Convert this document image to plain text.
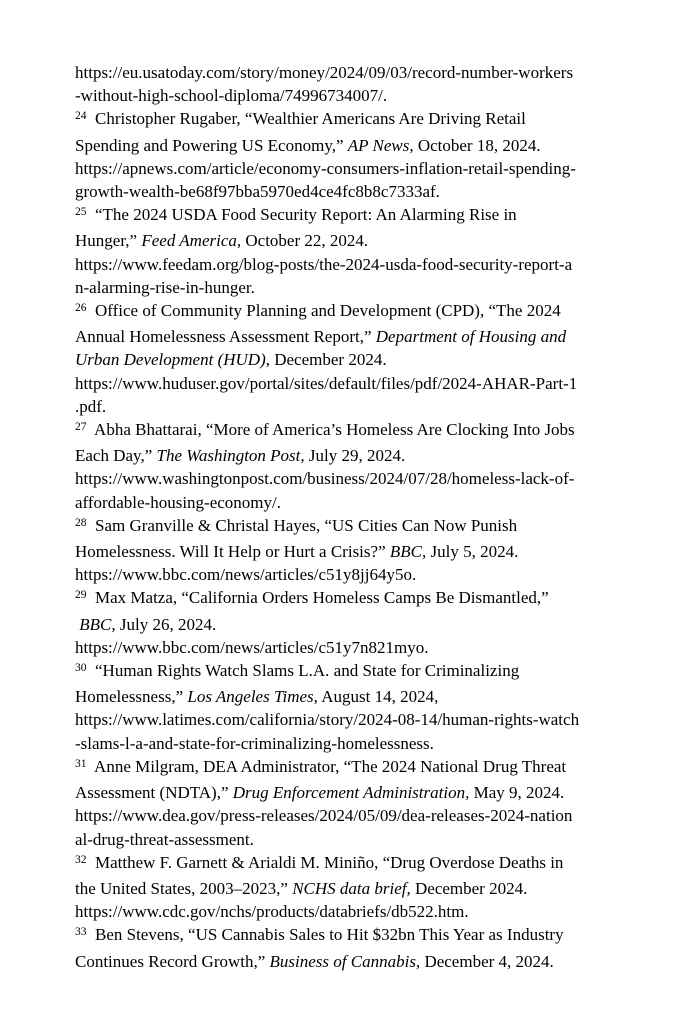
https://eu.usatoday.com/story/money/2024/09/03/record-number-workers
-without-high-school-diploma/74996734007/.
$^{24}$  Christopher Rugaber, “Wealthier Americans Are Driving Retail
Spending and Powering US Economy,” AP News, October 18, 2024.
https://apnews.com/article/economy-consumers-inflation-retail-spending-
growth-wealth-be68f97bba5970ed4ce4fc8b8c7333af.
$^{25}$  “The 2024 USDA Food Security Report: An Alarming Rise in
Hunger,” Feed America, October 22, 2024.
https://www.feedam.org/blog-posts/the-2024-usda-food-security-report-a
n-alarming-rise-in-hunger.
$^{26}$  Office of Community Planning and Development (CPD), “The 2024
Annual Homelessness Assessment Report,” Department of Housing and
Urban Development (HUD), December 2024.
https://www.huduser.gov/portal/sites/default/files/pdf/2024-AHAR-Part-1
.pdf.
$^{27}$  Abha Bhattarai, “More of America’s Homeless Are Clocking Into Jobs
Each Day,” The Washington Post, July 29, 2024.
https://www.washingtonpost.com/business/2024/07/28/homeless-lack-of-
affordable-housing-economy/.
$^{28}$  Sam Granville & Christal Hayes, “US Cities Can Now Punish
Homelessness. Will It Help or Hurt a Crisis?” BBC, July 5, 2024.
https://www.bbc.com/news/articles/c51y8jj64y5o.
$^{29}$  Max Matza, “California Orders Homeless Camps Be Dismantled,”
BBC, July 26, 2024.
https://www.bbc.com/news/articles/c51y7n821myo.
$^{30}$  “Human Rights Watch Slams L.A. and State for Criminalizing
Homelessness,” Los Angeles Times, August 14, 2024,
https://www.latimes.com/california/story/2024-08-14/human-rights-watch
-slams-l-a-and-state-for-criminalizing-homelessness.
$^{31}$  Anne Milgram, DEA Administrator, “The 2024 National Drug Threat
Assessment (NDTA),” Drug Enforcement Administration, May 9, 2024.
https://www.dea.gov/press-releases/2024/05/09/dea-releases-2024-nation
al-drug-threat-assessment.
$^{32}$  Matthew F. Garnett & Arialdi M. Miniño, “Drug Overdose Deaths in
the United States, 2003–2023,” NCHS data brief, December 2024.
https://www.cdc.gov/nchs/products/databriefs/db522.htm.
$^{33}$  Ben Stevens, “US Cannabis Sales to Hit $32bn This Year as Industry
Continues Record Growth,” Business of Cannabis, December 4, 2024.
